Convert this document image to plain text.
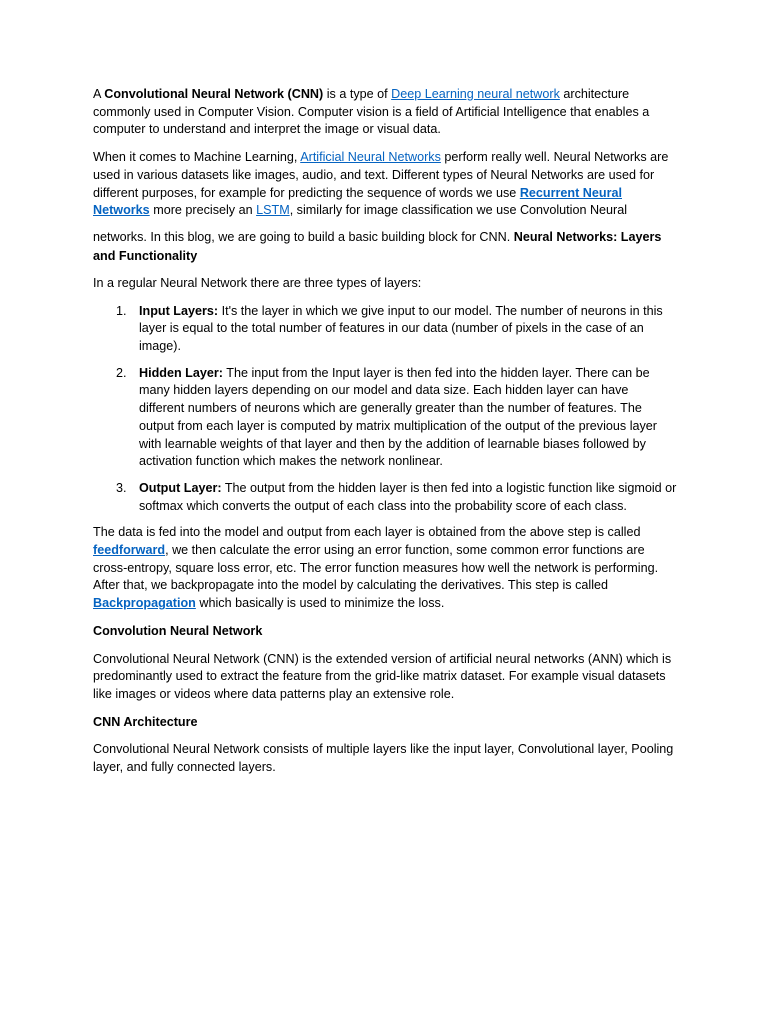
A Convolutional Neural Network (CNN) is a type of Deep Learning neural network architecture commonly used in Computer Vision. Computer vision is a field of Artificial Intelligence that enables a computer to understand and interpret the image or visual data.

When it comes to Machine Learning, Artificial Neural Networks perform really well. Neural Networks are used in various datasets like images, audio, and text. Different types of Neural Networks are used for different purposes, for example for predicting the sequence of words we use Recurrent Neural Networks more precisely an LSTM, similarly for image classification we use Convolution Neural

networks. In this blog, we are going to build a basic building block for CNN. Neural Networks: Layers and Functionality

In a regular Neural Network there are three types of layers:

1. Input Layers: It's the layer in which we give input to our model. The number of neurons in this layer is equal to the total number of features in our data (number of pixels in the case of an image).
2. Hidden Layer: The input from the Input layer is then fed into the hidden layer. There can be many hidden layers depending on our model and data size. Each hidden layer can have different numbers of neurons which are generally greater than the number of features. The output from each layer is computed by matrix multiplication of the output of the previous layer with learnable weights of that layer and then by the addition of learnable biases followed by activation function which makes the network nonlinear.
3. Output Layer: The output from the hidden layer is then fed into a logistic function like sigmoid or softmax which converts the output of each class into the probability score of each class.

The data is fed into the model and output from each layer is obtained from the above step is called feedforward, we then calculate the error using an error function, some common error functions are cross-entropy, square loss error, etc. The error function measures how well the network is performing. After that, we backpropagate into the model by calculating the derivatives. This step is called Backpropagation which basically is used to minimize the loss.

Convolution Neural Network

Convolutional Neural Network (CNN) is the extended version of artificial neural networks (ANN) which is predominantly used to extract the feature from the grid-like matrix dataset. For example visual datasets like images or videos where data patterns play an extensive role.

CNN Architecture

Convolutional Neural Network consists of multiple layers like the input layer, Convolutional layer, Pooling layer, and fully connected layers.
